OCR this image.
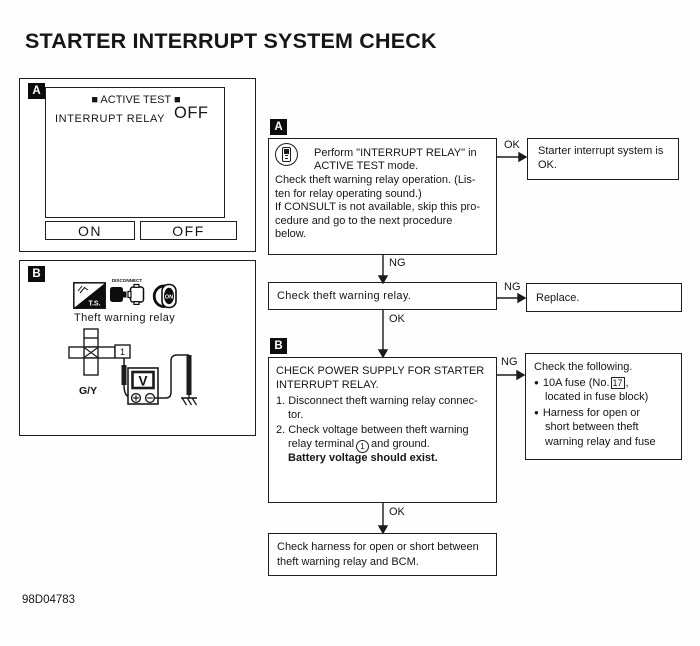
STARTER INTERRUPT SYSTEM CHECK
A
■ ACTIVE TEST ■
INTERRUPT RELAY OFF
ON	OFF
B
T.S.
DISCONNECT
ON
Theft warning relay
1
G/Y
V
A
Perform "INTERRUPT RELAY" in
ACTIVE TEST mode.
Check theft warning relay operation. (Lis-
ten for relay operating sound.)
If CONSULT is not available, skip this pro-
cedure and go to the next procedure
below.
Starter interrupt system is
OK.
Check theft warning relay.	Replace.
B
CHECK POWER SUPPLY FOR STARTER
INTERRUPT RELAY.
1. Disconnect theft warning relay connec-
tor.
2. Check voltage between theft warning
relay terminal 1 and ground.
Battery voltage should exist.
Check the following.
● 10A fuse (No. 17 ,
located in fuse block)
● Harness for open or
short between theft
warning relay and fuse
Check harness for open or short between
theft warning relay and BCM.
NG
OK
NG
OK
NG
OK
98D04783
